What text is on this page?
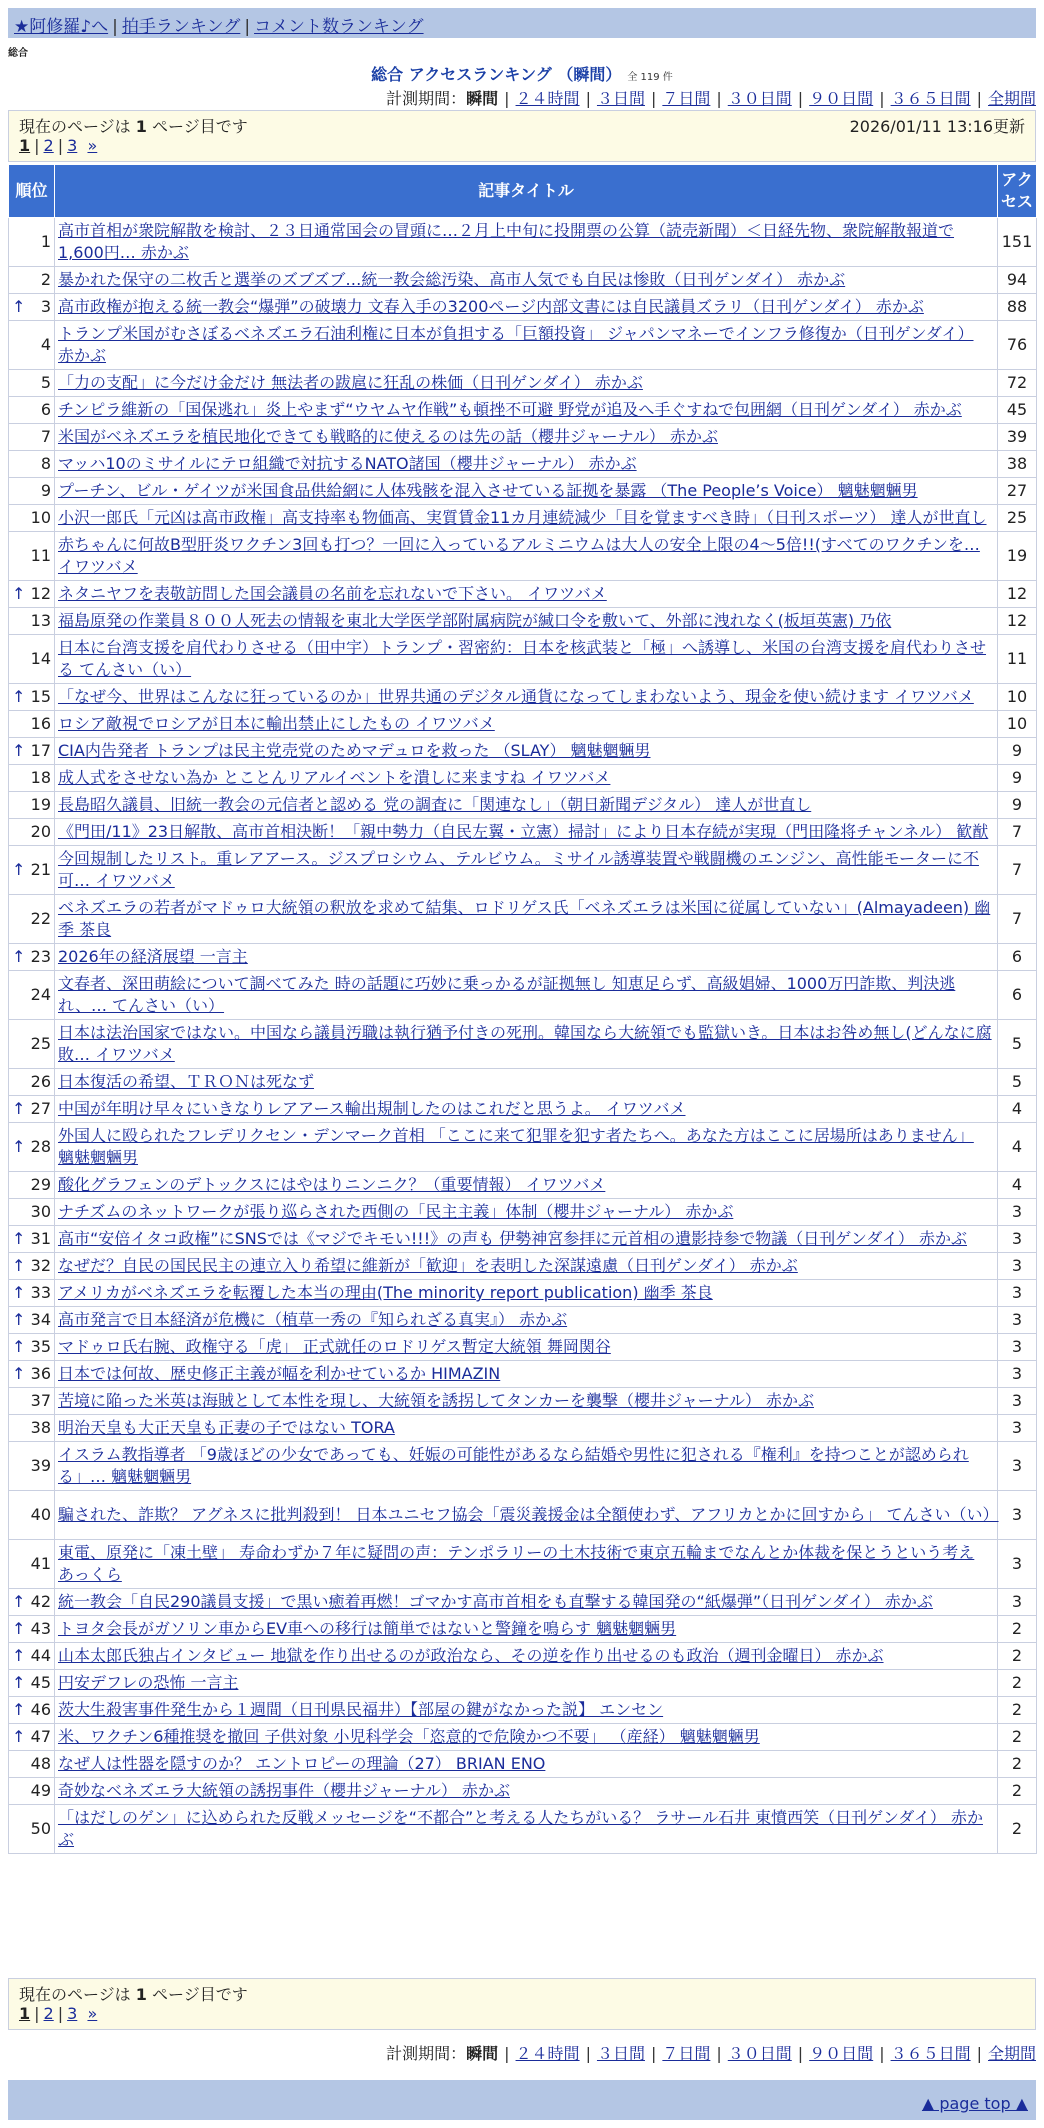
★阿修羅♪へ | 拍手ランキング | コメント数ランキング
総合
総合 アクセスランキング （瞬間） 全 119 件
計測期間：瞬間 | ２４時間 | ３日間 | ７日間 | ３０日間 | ９０日間 | ３６５日間 | 全期間
現在のページは 1 ページ目です	2026/01/11 13:16更新
1 | 2 | 3 »
順位	記事タイトル	アクセス
1	高市首相が衆院解散を検討、２３日通常国会の冒頭に…２月上中旬に投開票の公算（読売新聞）＜日経先物、衆院解散報道で1,600円… 赤かぶ	151
2	暴かれた保守の二枚舌と選挙のズブズブ…統一教会総汚染、高市人気でも自民は惨敗（日刊ゲンダイ） 赤かぶ	94

↑ 3	高市政権が抱える統一教会“爆弾”の破壊力 文春入手の3200ページ内部文書には自民議員ズラリ（日刊ゲンダイ） 赤かぶ	88
4	トランプ米国がむさぼるベネズエラ石油利権に日本が負担する「巨額投資」 ジャパンマネーでインフラ修復か（日刊ゲンダイ） 赤かぶ	76
5	「力の支配」に今だけ金だけ 無法者の跋扈に狂乱の株価（日刊ゲンダイ） 赤かぶ	72
6	チンピラ維新の「国保逃れ」炎上やまず“ウヤムヤ作戦”も頓挫不可避 野党が追及へ手ぐすねで包囲網（日刊ゲンダイ） 赤かぶ	45
7	米国がベネズエラを植民地化できても戦略的に使えるのは先の話（櫻井ジャーナル） 赤かぶ	39
8	マッハ10のミサイルにテロ組織で対抗するNATO諸国（櫻井ジャーナル） 赤かぶ	38
9	プーチン、ビル・ゲイツが米国食品供給網に人体残骸を混入させている証拠を暴露 （The People’s Voice） 魑魅魍魎男	27
10	小沢一郎氏「元凶は高市政権」高支持率も物価高、実質賃金11カ月連続減少「目を覚ますべき時」（日刊スポーツ） 達人が世直し	25
11	赤ちゃんに何故B型肝炎ワクチン3回も打つ？一回に入っているアルミニウムは大人の安全上限の4〜5倍!!(すべてのワクチンを… イワツバメ	19

↑ 12	ネタニヤフを表敬訪問した国会議員の名前を忘れないで下さい。 イワツバメ	12
13	福島原発の作業員８００人死去の情報を東北大学医学部附属病院が緘口令を敷いて、外部に洩れなく(板垣英憲) 乃依	12
14	日本に台湾支援を肩代わりさせる（田中宇）トランプ・習密約：日本を核武装と「極」へ誘導し、米国の台湾支援を肩代わりさせる てんさい（い）	11

↑ 15	「なぜ今、世界はこんなに狂っているのか」世界共通のデジタル通貨になってしまわないよう、現金を使い続けます イワツバメ	10
16	ロシア敵視でロシアが日本に輸出禁止にしたもの イワツバメ	10

↑ 17	CIA内告発者 トランプは民主党売党のためマデュロを救った （SLAY） 魑魅魍魎男	9
18	成人式をさせない為か とことんリアルイベントを潰しに来ますね イワツバメ	9
19	長島昭久議員、旧統一教会の元信者と認める 党の調査に「関連なし」（朝日新聞デジタル） 達人が世直し	9
20	《門田/11》23日解散、高市首相決断！「親中勢力（自民左翼・立憲）掃討」により日本存続が実現（門田隆将チャンネル） 歓猷	7

↑ 21	今回規制したリスト。重レアアース。ジスプロシウム、テルビウム。ミサイル誘導装置や戦闘機のエンジン、高性能モーターに不可… イワツバメ	7
22	ベネズエラの若者がマドゥロ大統領の釈放を求めて結集、ロドリゲス氏「ベネズエラは米国に従属していない」(Almayadeen) 幽季 茶良	7

↑ 23	2026年の経済展望 一言主	6
24	文春者、深田萌絵について調べてみた 時の話題に巧妙に乗っかるが証拠無し 知恵足らず、高級娼婦、1000万円詐欺、判決逃れ、… てんさい（い）	6
25	日本は法治国家ではない。中国なら議員汚職は執行猶予付きの死刑。韓国なら大統領でも監獄いき。日本はお咎め無し(どんなに腐敗… イワツバメ	5
26	日本復活の希望、ＴＲＯＮは死なず	5

↑ 27	中国が年明け早々にいきなりレアアース輸出規制したのはこれだと思うよ。 イワツバメ	4

↑ 28	外国人に殴られたフレデリクセン・デンマーク首相 「ここに来て犯罪を犯す者たちへ。あなた方はここに居場所はありません」 魑魅魍魎男	4
29	酸化グラフェンのデトックスにはやはりニンニク？（重要情報） イワツバメ	4
30	ナチズムのネットワークが張り巡らされた西側の「民主主義」体制（櫻井ジャーナル） 赤かぶ	3

↑ 31	高市“安倍イタコ政権”にSNSでは《マジでキモい!!!》の声も 伊勢神宮参拝に元首相の遺影持参で物議（日刊ゲンダイ） 赤かぶ	3

↑ 32	なぜだ？自民の国民民主の連立入り希望に維新が「歓迎」を表明した深謀遠慮（日刊ゲンダイ） 赤かぶ	3

↑ 33	アメリカがベネズエラを転覆した本当の理由(The minority report publication) 幽季 茶良	3

↑ 34	高市発言で日本経済が危機に（植草一秀の『知られざる真実』） 赤かぶ	3

↑ 35	マドゥロ氏右腕、政権守る「虎」 正式就任のロドリゲス暫定大統領 舞岡関谷	3

↑ 36	日本では何故、歴史修正主義が幅を利かせているか HIMAZIN	3
37	苦境に陥った米英は海賊として本性を現し、大統領を誘拐してタンカーを襲撃（櫻井ジャーナル） 赤かぶ	3
38	明治天皇も大正天皇も正妻の子ではない TORA	3
39	イスラム教指導者 「9歳ほどの少女であっても、妊娠の可能性があるなら結婚や男性に犯される『権利』を持つことが認められる」… 魑魅魍魎男	3
40	騙された、詐欺？ アグネスに批判殺到！ 日本ユニセフ協会「震災義援金は全額使わず、アフリカとかに回すから」 てんさい（い）	3
41	東電、原発に「凍土壁」 寿命わずか７年に疑問の声：テンポラリーの土木技術で東京五輪までなんとか体裁を保とうという考え あっくら	3

↑ 42	統一教会「自民290議員支援」で黒い癒着再燃！ゴマかす高市首相をも直撃する韓国発の“紙爆弾”（日刊ゲンダイ） 赤かぶ	3

↑ 43	トヨタ会長がガソリン車からEV車への移行は簡単ではないと警鐘を鳴らす 魑魅魍魎男	2

↑ 44	山本太郎氏独占インタビュー 地獄を作り出せるのが政治なら、その逆を作り出せるのも政治（週刊金曜日） 赤かぶ	2

↑ 45	円安デフレの恐怖 一言主	2

↑ 46	茨大生殺害事件発生から１週間（日刊県民福井）【部屋の鍵がなかった説】 エンセン	2

↑ 47	米、ワクチン6種推奨を撤回 子供対象 小児科学会「恣意的で危険かつ不要」 （産経） 魑魅魍魎男	2
48	なぜ人は性器を隠すのか？ エントロピーの理論（27） BRIAN ENO	2
49	奇妙なベネズエラ大統領の誘拐事件（櫻井ジャーナル） 赤かぶ	2
50	「はだしのゲン」に込められた反戦メッセージを“不都合”と考える人たちがいる？ ラサール石井 東憤西笑（日刊ゲンダイ） 赤かぶ	2
現在のページは 1 ページ目です
1 | 2 | 3 »
計測期間：瞬間 | ２４時間 | ３日間 | ７日間 | ３０日間 | ９０日間 | ３６５日間 | 全期間
▲ page top ▲
